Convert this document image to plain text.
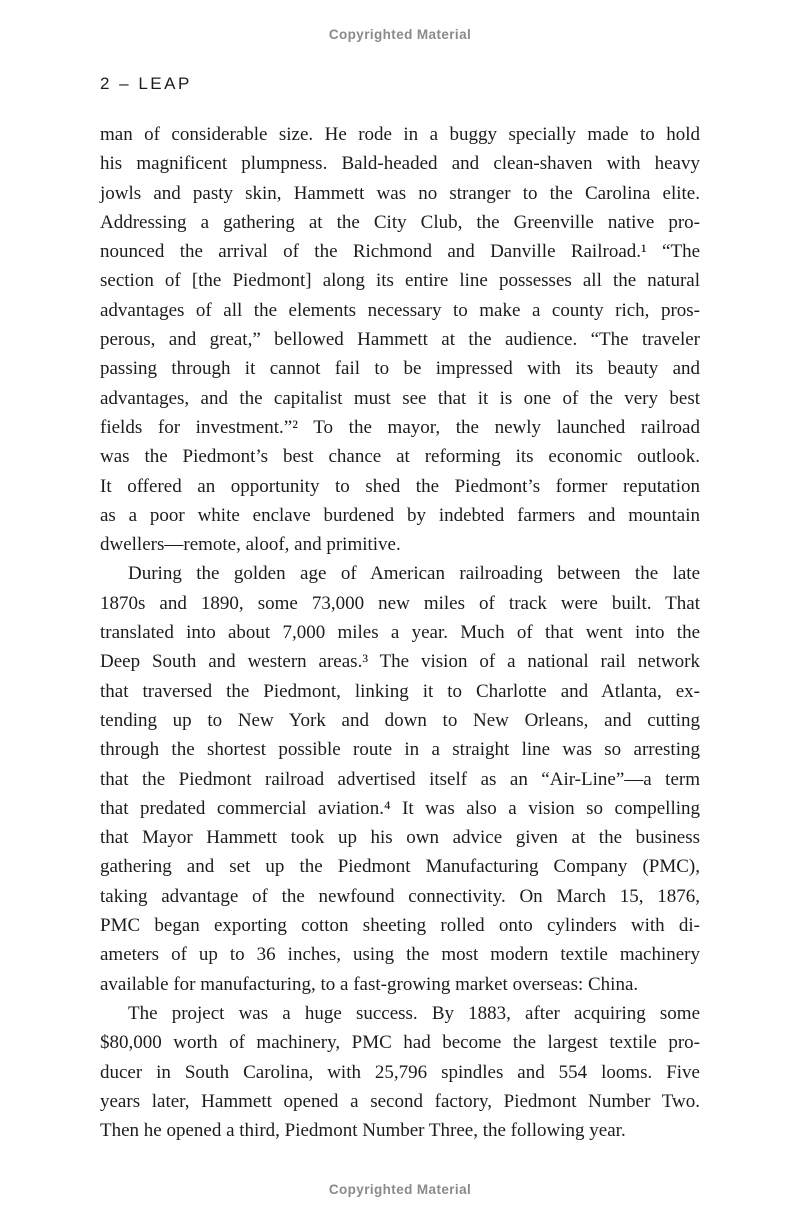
Copyrighted Material
2 – LEAP
man of considerable size. He rode in a buggy specially made to hold
his magnificent plumpness. Bald-headed and clean-shaven with heavy
jowls and pasty skin, Hammett was no stranger to the Carolina elite.
Addressing a gathering at the City Club, the Greenville native pro-
nounced the arrival of the Richmond and Danville Railroad.¹ “The
section of [the Piedmont] along its entire line possesses all the natural
advantages of all the elements necessary to make a county rich, pros-
perous, and great,” bellowed Hammett at the audience. “The traveler
passing through it cannot fail to be impressed with its beauty and
advantages, and the capitalist must see that it is one of the very best
fields for investment.”² To the mayor, the newly launched railroad
was the Piedmont’s best chance at reforming its economic outlook.
It offered an opportunity to shed the Piedmont’s former reputation
as a poor white enclave burdened by indebted farmers and mountain
dwellers—remote, aloof, and primitive.
During the golden age of American railroading between the late
1870s and 1890, some 73,000 new miles of track were built. That
translated into about 7,000 miles a year. Much of that went into the
Deep South and western areas.³ The vision of a national rail network
that traversed the Piedmont, linking it to Charlotte and Atlanta, ex-
tending up to New York and down to New Orleans, and cutting
through the shortest possible route in a straight line was so arresting
that the Piedmont railroad advertised itself as an “Air-Line”—a term
that predated commercial aviation.⁴ It was also a vision so compelling
that Mayor Hammett took up his own advice given at the business
gathering and set up the Piedmont Manufacturing Company (PMC),
taking advantage of the newfound connectivity. On March 15, 1876,
PMC began exporting cotton sheeting rolled onto cylinders with di-
ameters of up to 36 inches, using the most modern textile machinery
available for manufacturing, to a fast-growing market overseas: China.
The project was a huge success. By 1883, after acquiring some
$80,000 worth of machinery, PMC had become the largest textile pro-
ducer in South Carolina, with 25,796 spindles and 554 looms. Five
years later, Hammett opened a second factory, Piedmont Number Two.
Then he opened a third, Piedmont Number Three, the following year.
Copyrighted Material
